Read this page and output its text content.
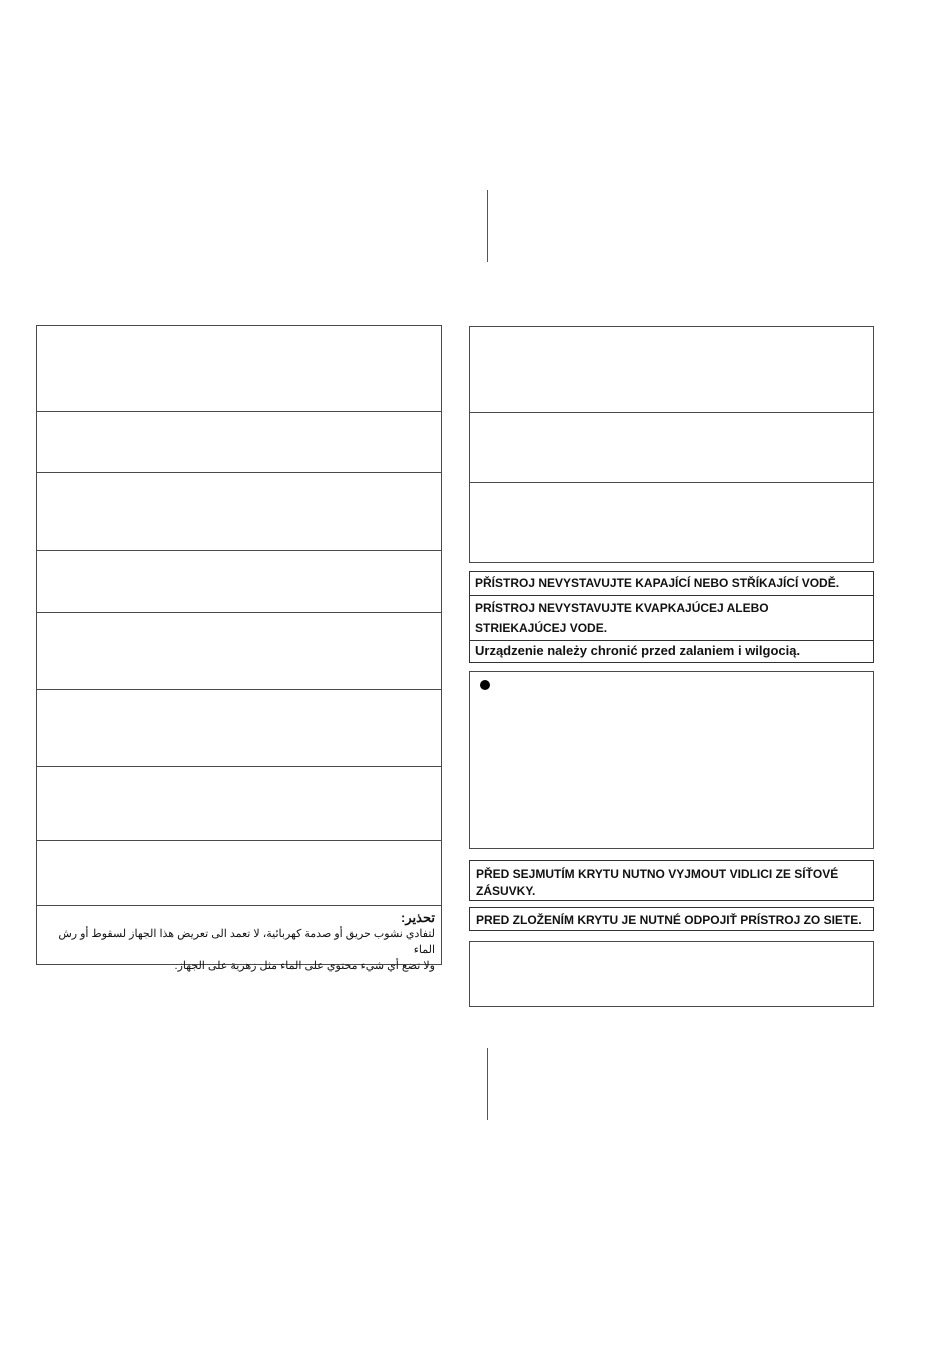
تحذير:
لتفادي نشوب حريق أو صدمة كهربائية، لا تعمد الى تعريض هذا الجهاز لسقوط أو رش الماء
ولا تضع أي شيء محتوي على الماء مثل زهرية على الجهاز.
PŘÍSTROJ NEVYSTAVUJTE KAPAJÍCÍ NEBO STŘÍKAJÍCÍ VODĚ.
PRÍSTROJ NEVYSTAVUJTE KVAPKAJÚCEJ ALEBO
STRIEKAJÚCEJ VODE.
Urządzenie należy chronić przed zalaniem i wilgocią.
PŘED SEJMUTÍM KRYTU NUTNO VYJMOUT VIDLICI ZE SÍŤOVÉ
ZÁSUVKY.
PRED ZLOŽENÍM KRYTU JE NUTNÉ ODPOJIŤ PRÍSTROJ ZO SIETE.
